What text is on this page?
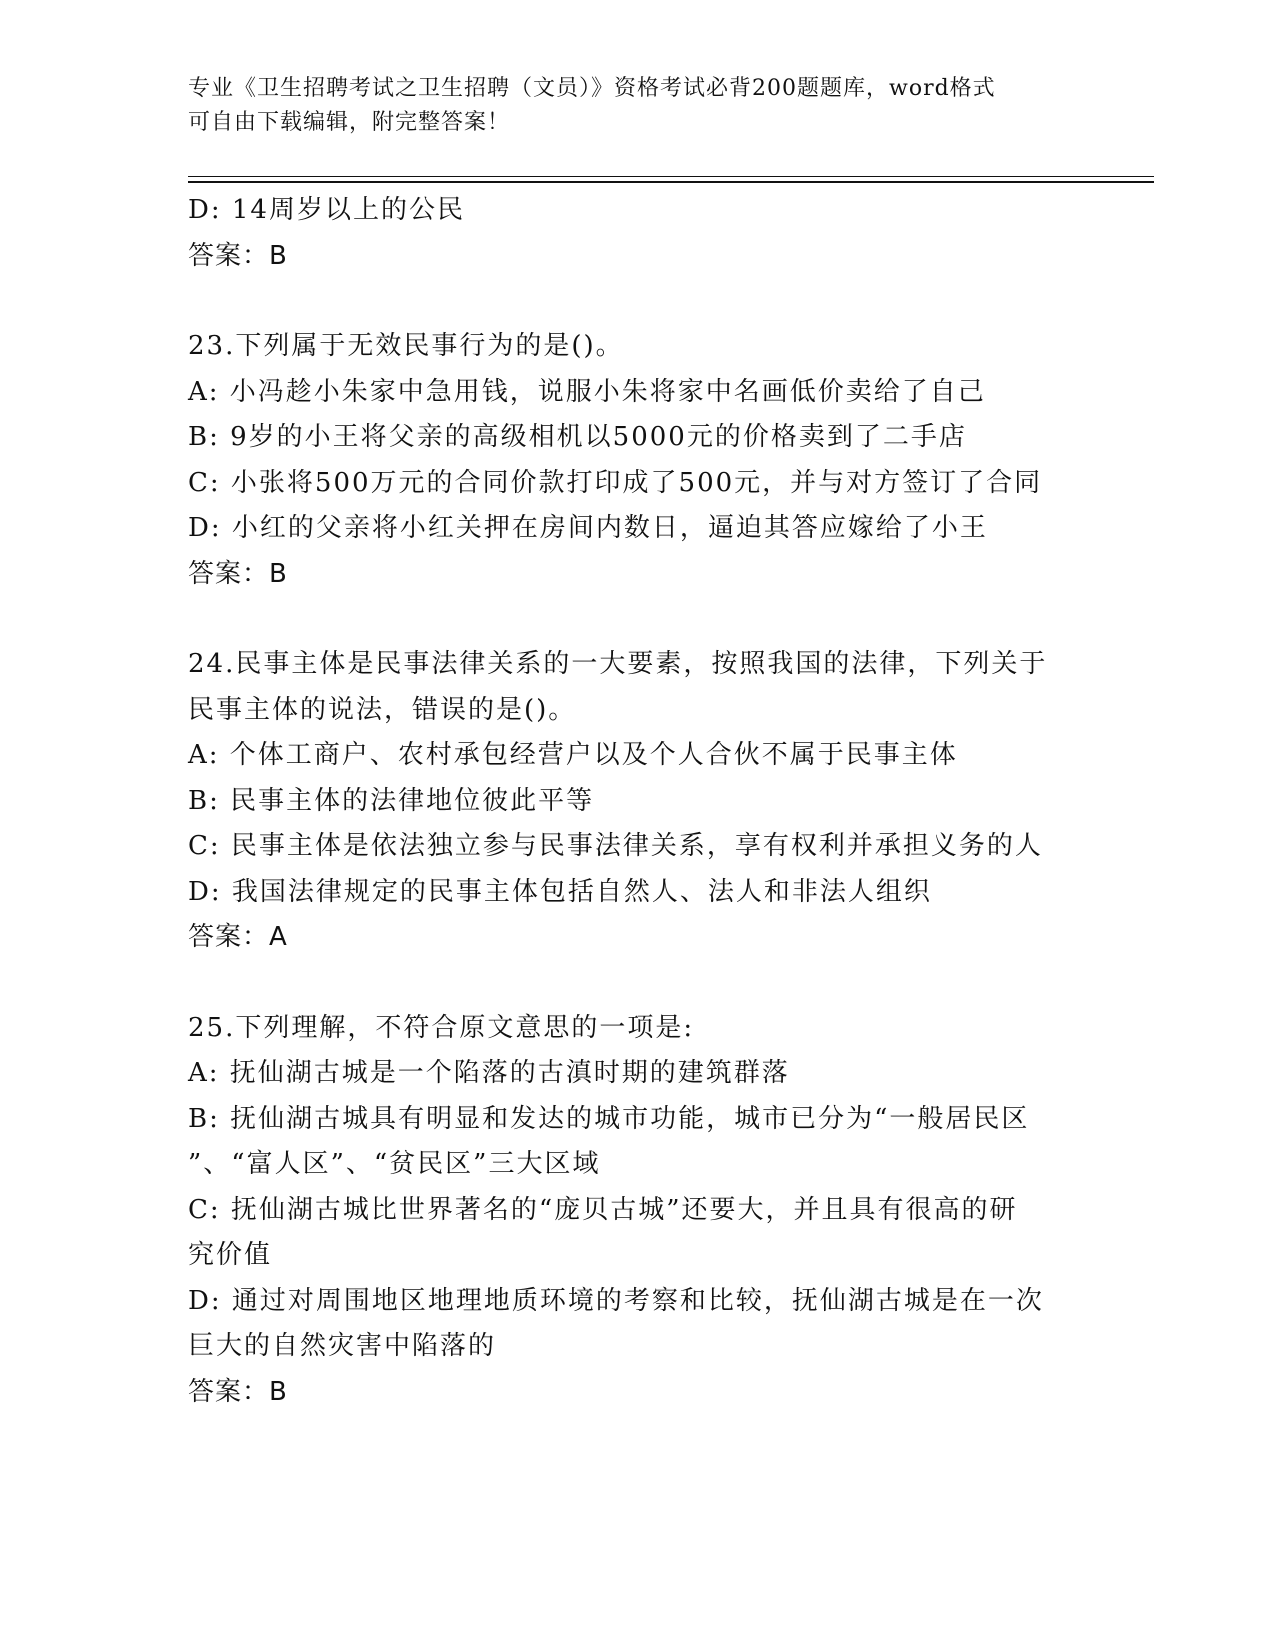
专业《卫生招聘考试之卫生招聘（文员）》资格考试必背200题题库，word格式
可自由下载编辑，附完整答案！

D: 14周岁以上的公民

答案：B

23.下列属于无效民事行为的是()。

A: 小冯趁小朱家中急用钱，说服小朱将家中名画低价卖给了自己

B: 9岁的小王将父亲的高级相机以5000元的价格卖到了二手店

C: 小张将500万元的合同价款打印成了500元，并与对方签订了合同

D: 小红的父亲将小红关押在房间内数日，逼迫其答应嫁给了小王

答案：B

24.民事主体是民事法律关系的一大要素，按照我国的法律，下列关于

民事主体的说法，错误的是()。

A: 个体工商户、农村承包经营户以及个人合伙不属于民事主体

B: 民事主体的法律地位彼此平等

C: 民事主体是依法独立参与民事法律关系，享有权利并承担义务的人

D: 我国法律规定的民事主体包括自然人、法人和非法人组织

答案：A

25.下列理解，不符合原文意思的一项是:

A: 抚仙湖古城是一个陷落的古滇时期的建筑群落

B: 抚仙湖古城具有明显和发达的城市功能，城市已分为“一般居民区

”、“富人区”、“贫民区”三大区域

C: 抚仙湖古城比世界著名的“庞贝古城”还要大，并且具有很高的研

究价值

D: 通过对周围地区地理地质环境的考察和比较，抚仙湖古城是在一次

巨大的自然灾害中陷落的

答案：B
